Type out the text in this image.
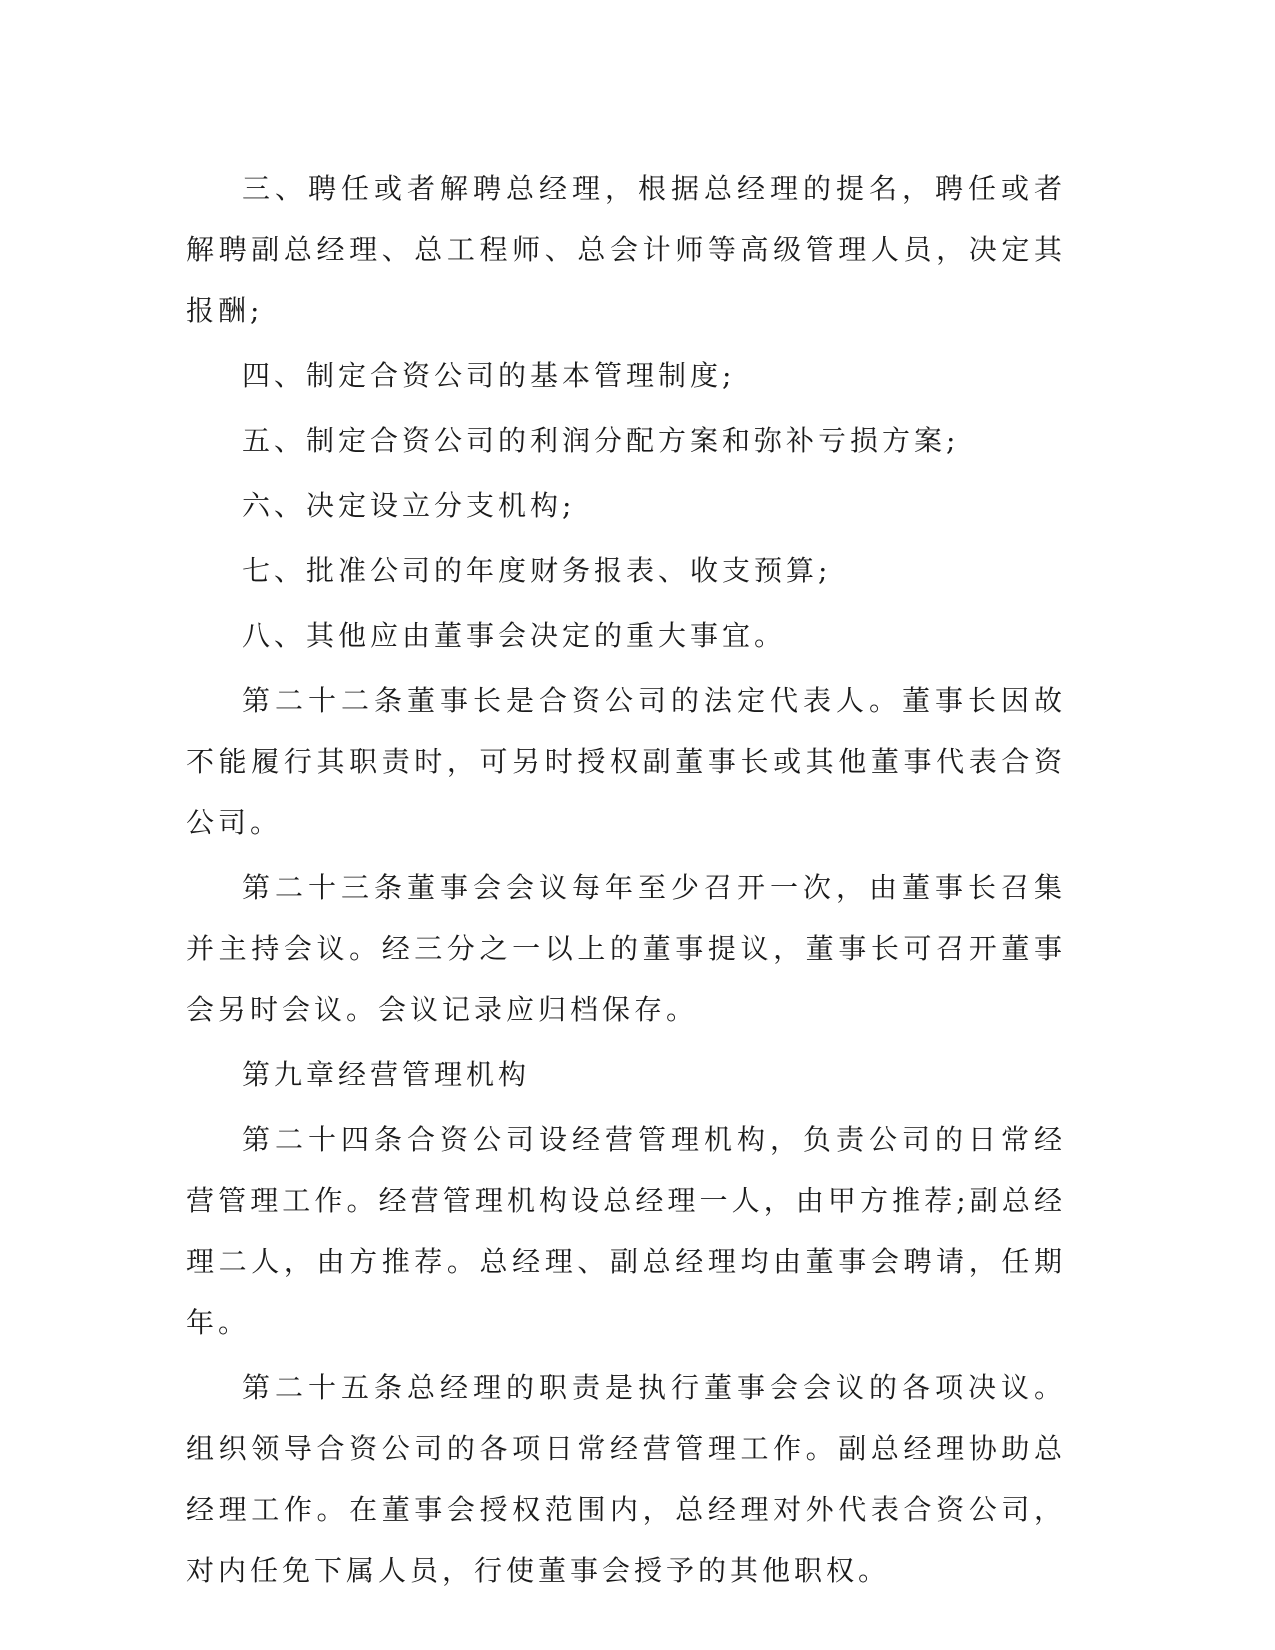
三、聘任或者解聘总经理，根据总经理的提名，聘任或者解聘副总经理、总工程师、总会计师等高级管理人员，决定其报酬;

四、制定合资公司的基本管理制度;

五、制定合资公司的利润分配方案和弥补亏损方案;

六、决定设立分支机构;

七、批准公司的年度财务报表、收支预算;

八、其他应由董事会决定的重大事宜。

第二十二条董事长是合资公司的法定代表人。董事长因故不能履行其职责时，可另时授权副董事长或其他董事代表合资公司。

第二十三条董事会会议每年至少召开一次，由董事长召集并主持会议。经三分之一以上的董事提议，董事长可召开董事会另时会议。会议记录应归档保存。

第九章经营管理机构

第二十四条合资公司设经营管理机构，负责公司的日常经营管理工作。经营管理机构设总经理一人，由甲方推荐;副总经理二人，由方推荐。总经理、副总经理均由董事会聘请，任期年。

第二十五条总经理的职责是执行董事会会议的各项决议。组织领导合资公司的各项日常经营管理工作。副总经理协助总经理工作。在董事会授权范围内，总经理对外代表合资公司，对内任免下属人员，行使董事会授予的其他职权。
